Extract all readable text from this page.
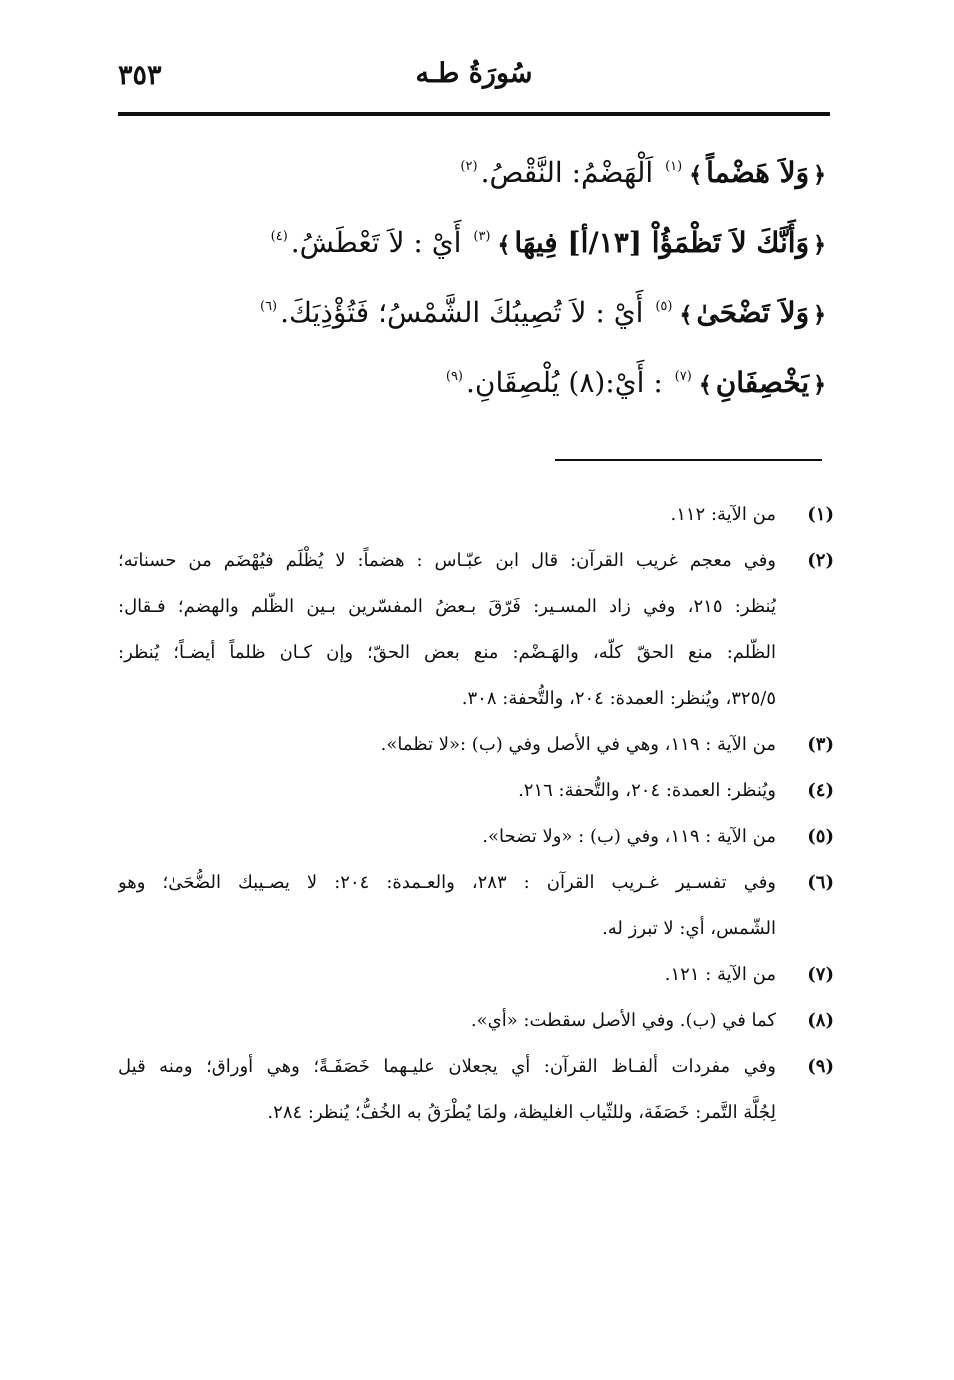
سُورَةُ طـه
٣٥٣
﴿وَلاَ هَضْماً﴾$^{(١)}$ اَلْهَضْمُ: النَّقْصُ.$^{(٢)}$
﴿وَأَنَّكَ لاَ تَظْمَؤُاْ [١٣/أ] فِيهَا﴾$^{(٣)}$ أَيْ : لاَ تَعْطَشُ.$^{(٤)}$
﴿وَلاَ تَضْحَىٰ﴾$^{(٥)}$ أَيْ : لاَ تُصِيبُكَ الشَّمْسُ؛ فَتُؤْذِيَكَ.$^{(٦)}$
﴿يَخْصِفَانِ﴾$^{(٧)}$ : أَيْ:(٨) يُلْصِقَانِ.$^{(٩)}$
(١)
من الآية: ١١٢.
(٢)
وفي معجم غريب القرآن: قال ابن عبّـاس : هضماً: لا يُظْلَم فيُهْضَم من حسناته؛
يُنظر: ٢١٥، وفي زاد المسـير: فَرّقَ بـعضُ المفسّرين بـين الظّلم والهضم؛ فـقال:
الظّلم: منع الحقّ كلّه، والهَـضْم: منع بعض الحقّ؛ وإن كـان ظلماً أيضـاً؛ يُنظر:
٣٢٥/٥، ويُنظر: العمدة: ٢٠٤، والتُّحفة: ٣٠٨.
(٣)
من الآية : ١١٩، وهي في الأصل وفي (ب) :«لا تظما».
(٤)
ويُنظر: العمدة: ٢٠٤، والتُّحفة: ٢١٦.
(٥)
من الآية : ١١٩، وفي (ب) : «ولا تضحا».
(٦)
وفي تفسـير غـريب القرآن : ٢٨٣، والعـمدة: ٢٠٤: لا يصـيبك الضُّحَىٰ؛ وهو
الشّمس، أي: لا تبرز له.
(٧)
من الآية : ١٢١.
(٨)
كما في (ب). وفي الأصل سقطت: «أي».
(٩)
وفي مفردات ألفـاظ القرآن: أي يجعلان عليـهما خَصَفَـةً؛ وهي أوراق؛ ومنه قيل
لِجُلَّة التَّمر: خَصَفَة، وللثّياب الغليظة، ولمَا يُطْرَقُ به الخُفُّ؛ يُنظر: ٢٨٤.
